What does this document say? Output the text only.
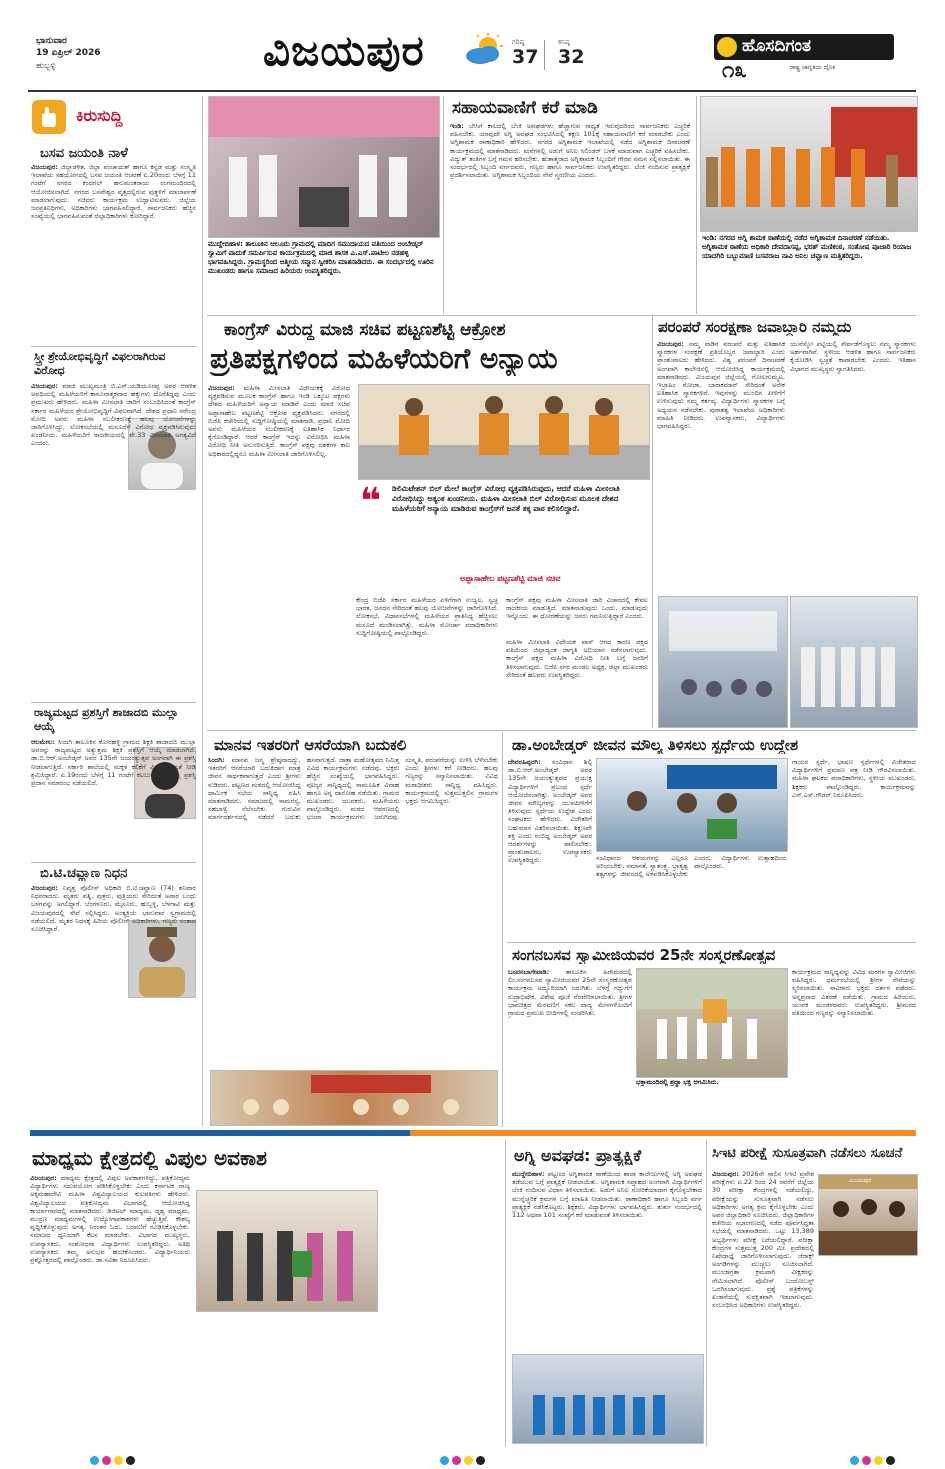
ಭಾನುವಾರ
19 ಏಪ್ರಿಲ್ 2026
ಹುಬ್ಬಳ್ಳಿ	ವಿಜಯಪುರ	ಗರಿಷ್ಠ
37
ಕನಿಷ್ಠ
32	ಹೊಸದಿಗಂತ
ರಾಷ್ಟ್ರ ಜಾಗೃತಿಯ ದೈನಿಕ
೧೩
ಕಿರುಸುದ್ದಿ
ಬಸವ ಜಯಂತಿ ನಾಳೆ
ವಿಜಯಪುರ: ಜಿಲ್ಲಾಡಳಿತ, ಜಿಲ್ಲಾ ಪಂಚಾಯತ್ ಹಾಗೂ ಕನ್ನಡ ಮತ್ತು ಸಂಸ್ಕೃತಿ ಇಲಾಖೆಯ ಸಹಯೋಗದಲ್ಲಿ ಬಸವ ಜಯಂತಿ ಆಚರಣೆ ಏ.20ರಂದು ಬೆಳಗ್ಗೆ 11 ಗಂಟೆಗೆ ನಗರದ ಕಂದಗಲ್ ಹನುಮಂತರಾಯ ರಂಗಮಂದಿರದಲ್ಲಿ ಆಯೋಜಿಸಲಾಗಿದೆ. ನಗರದ ಬಸವೇಶ್ವರ ವೃತ್ತದಲ್ಲಿರುವ ಪುತ್ಥಳಿಗೆ ಮಾಲಾರ್ಪಣೆ ಮಾಡಲಾಗುವುದು. ಸಚಿವರು ಕಾರ್ಯಕ್ರಮ ಉದ್ಘಾಟಿಸುವರು. ಜಿಲ್ಲೆಯ ಜನಪ್ರತಿನಿಧಿಗಳು, ಅಧಿಕಾರಿಗಳು ಭಾಗವಹಿಸಲಿದ್ದಾರೆ. ಸಾರ್ವಜನಿಕರು ಹೆಚ್ಚಿನ ಸಂಖ್ಯೆಯಲ್ಲಿ ಭಾಗವಹಿಸುವಂತೆ ಜಿಲ್ಲಾಧಿಕಾರಿಗಳು ಕೋರಿದ್ದಾರೆ.
ಸ್ತ್ರೀ ಶ್ರೇಯೋಭಿವೃದ್ಧಿಗೆ ವಿಫಲರಾಗಿರುವ ವಿರೋಧ
ವಿಜಯಪುರ: ಮಾಜಿ ಮುಖ್ಯಮಂತ್ರಿ ಬಿ.ಎಸ್.ಯಡಿಯೂರಪ್ಪ ಅವರ ಆಡಳಿತ ಅವಧಿಯಲ್ಲಿ ಮಹಿಳೆಯರಿಗೆ ಕಾನೂನಾತ್ಮಕವಾದ ಹಕ್ಕುಗಳು ದೊರೆತಿದ್ದವು ಎಂದು ಪ್ರಮುಖರು ಹೇಳಿದರು. ಮಹಿಳಾ ಮೀಸಲಾತಿ ಜಾರಿಗೆ ಸಂಬಂಧಿಸಿದಂತೆ ಕಾಂಗ್ರೆಸ್ ಸರ್ಕಾರ ಮಹಿಳೆಯರ ಶ್ರೇಯೋಭಿವೃದ್ಧಿಗೆ ವಿಫಲವಾಗಿದೆ. ದೇಶದ ಪ್ರಧಾನಿ ನರೇಂದ್ರ ಮೋದಿ ಅವರು ಮಹಿಳಾ ಸಬಲೀಕರಣಕ್ಕೆ ಹಲವು ಯೋಜನೆಗಳನ್ನು ಜಾರಿಗೊಳಿಸಿದ್ದು, ಲೋಕಸಭೆಯಲ್ಲಿ ಮಸೂದೆಗೆ ವಿರೋಧ ವ್ಯಕ್ತಪಡಿಸಿರುವುದು ಖಂಡನೀಯ. ಮಹಿಳೆಯರಿಗೆ ರಾಜಕೀಯದಲ್ಲಿ ಶೇ.33 ಮೀಸಲಾತಿ ಅಗತ್ಯವಿದೆ ಎಂದರು.
ರಾಜ್ಯಮಟ್ಟದ ಪ್ರಶಸ್ತಿಗೆ ಶಾಜಾದಬಿ ಮುಲ್ಲಾ ಆಯ್ಕೆ
ಆಲಮೇಲ: ಸಿಂದಗಿ ತಾಲೂಕಿನ ಕೋರಹಳ್ಳಿ ಗ್ರಾಮದ ಶಿಕ್ಷಕಿ ಶಾಜಾದಬಿ ಮುಲ್ಲಾ ಅವರನ್ನು ರಾಜ್ಯಮಟ್ಟದ ಅತ್ಯುತ್ತಮ ಶಿಕ್ಷಕಿ ಪ್ರಶಸ್ತಿಗೆ ಆಯ್ಕೆ ಮಾಡಲಾಗಿದೆ. ಡಾ.ಬಿ.ಆರ್.ಅಂಬೇಡ್ಕರ್ ಅವರ 135ನೇ ಜಯಂತ್ಯುತ್ಸವ ಅಂಗವಾಗಿ ಈ ಪ್ರಶಸ್ತಿ ನೀಡಲಾಗುತ್ತಿದೆ. ಸರ್ಕಾರಿ ಶಾಲೆಯಲ್ಲಿ ಮಕ್ಕಳ ಕಲಿಕೆಗೆ ವಿಶೇಷ ಆದ್ಯತೆ ನೀಡಿ ಶ್ರಮಿಸಿದ್ದಾರೆ. ಏ.19ರಂದು ಬೆಳಗ್ಗೆ 11 ಗಂಟೆಗೆ ಕಲಬುರಗಿ ನಗರದಲ್ಲಿ ಪ್ರಶಸ್ತಿ ಪ್ರದಾನ ಸಮಾರಂಭ ನಡೆಯಲಿದೆ.
ಬಿ.ಟಿ.ಚವ್ಹಾಣ ನಿಧನ
ವಿಜಯಪುರ: ನಿವೃತ್ತ ಪೊಲೀಸ್ ಅಧಿಕಾರಿ ಬಿ.ಟಿ.ಚವ್ಹಾಣ (74) ಶನಿವಾರ ನಿಧನರಾದರು. ಮೃತರು ಪತ್ನಿ, ಪುತ್ರರು, ಪುತ್ರಿಯರು ಸೇರಿದಂತೆ ಅಪಾರ ಬಂಧು ಬಳಗವನ್ನು ಅಗಲಿದ್ದಾರೆ. ಬೆಂಗಳೂರು, ಮೈಸೂರು, ಹುಬ್ಬಳ್ಳಿ, ಬೆಳಗಾವಿ ಮತ್ತು ವಿಜಯಪುರದಲ್ಲಿ ಸೇವೆ ಸಲ್ಲಿಸಿದ್ದರು. ಅಂತ್ಯಕ್ರಿಯೆ ಭಾನುವಾರ ಸ್ವಗ್ರಾಮದಲ್ಲಿ ನಡೆಯಲಿದೆ. ಮೃತರ ನಿಧನಕ್ಕೆ ಹಿರಿಯ ಪೊಲೀಸ್ ಅಧಿಕಾರಿಗಳು, ಗಣ್ಯರು ಸಂತಾಪ ಸೂಚಿಸಿದ್ದಾರೆ.
ಮುದ್ದೇಬಿಹಾಳ: ತಾಲೂಕಿನ ಆಲೂರು ಗ್ರಾಮದಲ್ಲಿ ಮಾದಿಗ ಸಮುದಾಯದ ವತಿಯಿಂದ ಅಂಬೇಡ್ಕರ್ ಸ್ವಾಮಿಗೆ ಪಾದುಕೆ ಸಮರ್ಪಿಸುವ ಕಾರ್ಯಕ್ರಮದಲ್ಲಿ ಮಾಜಿ ಶಾಸಕ ಎ.ಎಸ್.ಪಾಟೀಲ ನಡಹಳ್ಳಿ ಭಾಗವಹಿಸಿದ್ದರು. ಗ್ರಾಮಸ್ಥರಿಂದ ಆತ್ಮೀಯ ಸನ್ಮಾನ ಸ್ವೀಕರಿಸಿ ಮಾತನಾಡಿದರು. ಈ ಸಂದರ್ಭದಲ್ಲಿ ಊರಿನ ಮುಖಂಡರು ಹಾಗೂ ಸಮಾಜದ ಹಿರಿಯರು ಉಪಸ್ಥಿತರಿದ್ದರು.
ಸಹಾಯವಾಣಿಗೆ ಕರೆ ಮಾಡಿ
ಇಂಡಿ: ಬೇಸಿಗೆ ಕಾಲದಲ್ಲಿ ಬೆಂಕಿ ಅವಘಡಗಳು ಹೆಚ್ಚಾಗುವ ಸಾಧ್ಯತೆ ಇರುವುದರಿಂದ ಸಾರ್ವಜನಿಕರು ಎಚ್ಚರಿಕೆ ವಹಿಸಬೇಕು. ಯಾವುದೇ ಅಗ್ನಿ ಅವಘಡ ಸಂಭವಿಸಿದಲ್ಲಿ ತಕ್ಷಣ 101ಕ್ಕೆ ಸಹಾಯವಾಣಿಗೆ ಕರೆ ಮಾಡಬೇಕು ಎಂದು ಅಗ್ನಿಶಾಮಕ ಠಾಣಾಧಿಕಾರಿ ಹೇಳಿದರು. ನಗರದ ಅಗ್ನಿಶಾಮಕ ಇಲಾಖೆಯಲ್ಲಿ ನಡೆದ ಅಗ್ನಿಶಾಮಕ ದಿನಾಚರಣೆ ಕಾರ್ಯಕ್ರಮದಲ್ಲಿ ಮಾತನಾಡಿದರು. ಮನೆಗಳಲ್ಲಿ ಅಡುಗೆ ಅನಿಲ ಸಿಲಿಂಡರ್ ಬಳಕೆ ಮಾಡುವಾಗ ಎಚ್ಚರಿಕೆ ವಹಿಸಬೇಕು. ವಿದ್ಯುತ್ ತಂತಿಗಳ ಬಗ್ಗೆ ಗಮನ ಹರಿಸಬೇಕು. ಹುತಾತ್ಮರಾದ ಅಗ್ನಿಶಾಮಕ ಸಿಬ್ಬಂದಿಗೆ ಗೌರವ ನಮನ ಸಲ್ಲಿಸಲಾಯಿತು. ಈ ಸಂದರ್ಭದಲ್ಲಿ ಸಿಬ್ಬಂದಿ ವರ್ಗದವರು, ಗಣ್ಯರು ಹಾಗೂ ಸಾರ್ವಜನಿಕರು ಉಪಸ್ಥಿತರಿದ್ದರು. ಬೆಂಕಿ ನಂದಿಸುವ ಪ್ರಾತ್ಯಕ್ಷಿಕೆ ಪ್ರದರ್ಶಿಸಲಾಯಿತು. ಅಗ್ನಿಶಾಮಕ ಸಿಬ್ಬಂದಿಯ ಸೇವೆ ಸ್ಮರಣೀಯ ಎಂದರು.
ಇಂಡಿ: ನಗರದ ಅಗ್ನಿ ಶಾಮಕ ಠಾಣೆಯಲ್ಲಿ ನಡೆದ ಅಗ್ನಿಶಾಮಕ ದಿನಾಚರಣೆ ನಡೆಯಿತು. ಅಗ್ನಿಶಾಮಕ ಠಾಣೆಯ ಅಧಿಕಾರಿ ದೇವದಾಸಪ್ಪ, ಭರತ್ ಮಣಿಕಂಠ, ಸಂತೋಷ ಪೂಜಾರಿ ರಿಯಾಜ ಯಾದಗಿರಿ ಬಬ್ಬುಮಾಣಿ ಬಸವರಾಜ ನಾವಿ ಅನಿಲ ಚವ್ಹಾಣ ಮತ್ತಿತರಿದ್ದರು.
ಕಾಂಗ್ರೆಸ್ ವಿರುದ್ಧ ಮಾಜಿ ಸಚಿವ ಪಟ್ಟಣಶೆಟ್ಟಿ ಆಕ್ರೋಶ
ಪ್ರತಿಪಕ್ಷಗಳಿಂದ ಮಹಿಳೆಯರಿಗೆ ಅನ್ಯಾಯ
ವಿಜಯಪುರ: ಮಹಿಳಾ ಮೀಸಲಾತಿ ವಿಧೇಯಕಕ್ಕೆ ವಿರೋಧ ವ್ಯಕ್ತಪಡಿಸುವ ಮೂಲಕ ಕಾಂಗ್ರೆಸ್ ಹಾಗೂ ಇಂಡಿ ಒಕ್ಕೂಟ ಪಕ್ಷಗಳು ದೇಶದ ಮಹಿಳೆಯರಿಗೆ ಅನ್ಯಾಯ ಮಾಡಿವೆ ಎಂದು ಮಾಜಿ ಸಚಿವ ಅಪ್ಪಾಸಾಹೇಬ ಪಟ್ಟಣಶೆಟ್ಟಿ ಆಕ್ರೋಶ ವ್ಯಕ್ತಪಡಿಸಿದರು. ನಗರದಲ್ಲಿ ಬಿಜೆಪಿ ಕಚೇರಿಯಲ್ಲಿ ಸುದ್ದಿಗೋಷ್ಠಿಯಲ್ಲಿ ಮಾತನಾಡಿ, ಪ್ರಧಾನಿ ಮೋದಿ ಅವರು ಮಹಿಳೆಯರ ಸಬಲೀಕರಣಕ್ಕೆ ಐತಿಹಾಸಿಕ ನಿರ್ಧಾರ ಕೈಗೊಂಡಿದ್ದಾರೆ. ಆದರೆ ಕಾಂಗ್ರೆಸ್ ಇದನ್ನು ವಿರೋಧಿಸಿ ಮಹಿಳಾ ವಿರೋಧಿ ನೀತಿ ಅನುಸರಿಸುತ್ತಿದೆ. ಕಾಂಗ್ರೆಸ್ ಪಕ್ಷವು ದಶಕಗಳ ಕಾಲ ಅಧಿಕಾರದಲ್ಲಿದ್ದರೂ ಮಹಿಳಾ ಮೀಸಲಾತಿ ಜಾರಿಗೊಳಿಸಲಿಲ್ಲ.
❝ ಡಿಲಿಮಿಟೇಶನ್ ಬಿಲ್ ಮೇಲೆ ಕಾಂಗ್ರೆಸ್ ವಿರೋಧ ವ್ಯಕ್ತಪಡಿಸಿರುವುದು, ಆದರೆ ಮಹಿಳಾ ಮೀಸಲಾತಿ ವಿರೋಧಿಸಿದ್ದು ಅತ್ಯಂತ ಖಂಡನೀಯ. ಮಹಿಳಾ ಮೀಸಲಾತಿ ಬಿಲ್ ವಿರೋಧಿಸುವ ಮೂಲಕ ದೇಶದ ಮಹಿಳೆಯರಿಗೆ ಅನ್ಯಾಯ ಮಾಡಿರುವ ಕಾಂಗ್ರೆಸ್‌ಗೆ ಜನತೆ ತಕ್ಕ ಪಾಠ ಕಲಿಸಲಿದ್ದಾರೆ.
ಅಪ್ಪಾಸಾಹೇಬ ಪಟ್ಟಣಶೆಟ್ಟಿ ಮಾಜಿ ಸಚಿವ
ಕೇಂದ್ರ ಬಿಜೆಪಿ ಸರ್ಕಾರ ಮಹಿಳೆಯರ ಏಳಿಗೆಗಾಗಿ ಉಜ್ವಲ, ಸ್ವಚ್ಛ ಭಾರತ, ಜನಧನ ಸೇರಿದಂತೆ ಹಲವು ಯೋಜನೆಗಳನ್ನು ಜಾರಿಗೊಳಿಸಿದೆ. ಲೋಕಸಭೆ, ವಿಧಾನಸಭೆಗಳಲ್ಲಿ ಮಹಿಳೆಯರ ಪ್ರಾತಿನಿಧ್ಯ ಹೆಚ್ಚಿಸಲು ಮಸೂದೆ ಮಂಡಿಸಲಾಗಿತ್ತು. ಮಹಿಳಾ ಮೋರ್ಚಾ ಪದಾಧಿಕಾರಿಗಳು ಸುದ್ದಿಗೋಷ್ಠಿಯಲ್ಲಿ ಪಾಲ್ಗೊಂಡಿದ್ದರು.
ಕಾಂಗ್ರೆಸ್ ಪಕ್ಷವು ಮಹಿಳಾ ಮೀಸಲಾತಿ ಜಾರಿ ವಿಚಾರದಲ್ಲಿ ಕೇವಲ ರಾಜಕೀಯ ಮಾಡುತ್ತಿದೆ. ಮಾತನಾಡುವುದು ಒಂದು, ಮಾಡುವುದು ಇನ್ನೊಂದು. ಈ ಧೋರಣೆಯನ್ನು ಜನರು ಗಮನಿಸುತ್ತಿದ್ದಾರೆ ಎಂದರು.
ಮಹಿಳಾ ಮೀಸಲಾತಿ ವಿಧೇಯಕ ಪಾಸ್ ಆಗದ ಕಾರಣ ಪಕ್ಷದ ವತಿಯಿಂದ ಜಿಲ್ಲಾದ್ಯಂತ ಜಾಗೃತಿ ಅಭಿಯಾನ ನಡೆಸಲಾಗುವುದು. ಕಾಂಗ್ರೆಸ್ ಪಕ್ಷದ ಮಹಿಳಾ ವಿರೋಧಿ ನೀತಿ ಬಗ್ಗೆ ಜನರಿಗೆ ತಿಳಿಸಲಾಗುವುದು. ಬಿಜೆಪಿ ನಗರ ಮಂಡಲ ಅಧ್ಯಕ್ಷ, ಜಿಲ್ಲಾ ಮುಖಂಡರು ಸೇರಿದಂತೆ ಹಲವರು ಉಪಸ್ಥಿತರಿದ್ದರು.
ಪರಂಪರೆ ಸಂರಕ್ಷಣಾ ಜವಾಬ್ದಾರಿ ನಮ್ಮದು
ವಿಜಯಪುರ: ನಮ್ಮ ನಾಡಿನ ಪರಂಪರೆ ಮತ್ತು ಐತಿಹಾಸಿಕ ಸ್ಮಾರಕಗಳ ಸಂರಕ್ಷಣೆ ಪ್ರತಿಯೊಬ್ಬರ ಜವಾಬ್ದಾರಿ ಎಂದು ಪ್ರಾಂಶುಪಾಲರು ಹೇಳಿದರು. ವಿಶ್ವ ಪರಂಪರೆ ದಿನಾಚರಣೆ ಅಂಗವಾಗಿ ಕಾಲೇಜಿನಲ್ಲಿ ಆಯೋಜಿಸಿದ್ದ ಕಾರ್ಯಕ್ರಮದಲ್ಲಿ ಮಾತನಾಡಿದರು. ವಿಜಯಪುರ ಜಿಲ್ಲೆಯಲ್ಲಿ ಗೋಲಗುಮ್ಮಟ, ಇಬ್ರಾಹಿಂ ರೋಜಾ, ಬಾರಾಕಮಾನ್ ಸೇರಿದಂತೆ ಅನೇಕ ಐತಿಹಾಸಿಕ ಸ್ಮಾರಕಗಳಿವೆ. ಇವುಗಳನ್ನು ಮುಂದಿನ ಪೀಳಿಗೆಗೆ ಉಳಿಸುವುದು ನಮ್ಮ ಕರ್ತವ್ಯ. ವಿದ್ಯಾರ್ಥಿಗಳು ಸ್ಮಾರಕಗಳ ಬಗ್ಗೆ ಅಧ್ಯಯನ ನಡೆಸಬೇಕು. ಪುರಾತತ್ವ ಇಲಾಖೆಯ ಅಧಿಕಾರಿಗಳು ಮಾಹಿತಿ ನೀಡಿದರು. ಉಪನ್ಯಾಸಕರು, ವಿದ್ಯಾರ್ಥಿಗಳು ಭಾಗವಹಿಸಿದ್ದರು.
ಯುನೆಸ್ಕೋ ಪಟ್ಟಿಯಲ್ಲಿ ಸೇರ್ಪಡೆಗೊಳ್ಳಲು ನಮ್ಮ ಸ್ಮಾರಕಗಳು ಅರ್ಹವಾಗಿವೆ. ಸ್ಥಳೀಯ ಆಡಳಿತ ಹಾಗೂ ಸಾರ್ವಜನಿಕರು ಕೈಜೋಡಿಸಿ ಸ್ವಚ್ಛತೆ ಕಾಪಾಡಬೇಕು ಎಂದರು. ಇತಿಹಾಸ ವಿಭಾಗದ ಮುಖ್ಯಸ್ಥರು ಸ್ವಾಗತಿಸಿದರು.
ಮಾನವ ಇತರರಿಗೆ ಆಸರೆಯಾಗಿ ಬದುಕಲಿ
ಸಿಂದಗಿ: ಮಾನವ ಜನ್ಮ ಶ್ರೇಷ್ಠವಾದದ್ದು, ಇತರರಿಗೆ ಆಸರೆಯಾಗಿ ಬದುಕಿದಾಗ ಮಾತ್ರ ಜೀವನ ಸಾರ್ಥಕವಾಗುತ್ತದೆ ಎಂದು ಶ್ರೀಗಳು ನುಡಿದರು. ಪಟ್ಟಣದ ಮಠದಲ್ಲಿ ಆಯೋಜಿಸಿದ್ದ ಧಾರ್ಮಿಕ ಸಭೆಯ ಸಾನ್ನಿಧ್ಯ ವಹಿಸಿ ಮಾತನಾಡಿದರು. ಸಮಾಜದಲ್ಲಿ ಸಾಮರಸ್ಯ, ಸಹಬಾಳ್ವೆ ನೆಲೆಸಬೇಕು. ಗುರುವಿನ ಮಾರ್ಗದರ್ಶನದಲ್ಲಿ ನಡೆದರೆ ಬದುಕು ಹಸನಾಗುತ್ತದೆ. ಜಾತ್ರಾ ಮಹೋತ್ಸವದ ನಿಮಿತ್ತ ವಿವಿಧ ಕಾರ್ಯಕ್ರಮಗಳು ನಡೆದವು. ಭಕ್ತರು ಹೆಚ್ಚಿನ ಸಂಖ್ಯೆಯಲ್ಲಿ ಭಾಗವಹಿಸಿದ್ದರು. ಪೂಜ್ಯರ ಸಾನ್ನಿಧ್ಯದಲ್ಲಿ ಸಾಮೂಹಿಕ ವಿವಾಹ ಹಾಗೂ ಅನ್ನ ದಾಸೋಹ ನಡೆಯಿತು. ಗ್ರಾಮದ ಮುಖಂಡರು, ಯುವಕರು, ಮಹಿಳೆಯರು ಪಾಲ್ಗೊಂಡಿದ್ದರು. ಮಠದ ಆವರಣದಲ್ಲಿ ಭಜನಾ ಕಾರ್ಯಕ್ರಮಗಳು ಜರುಗಿದವು. ಸಂಸ್ಕೃತಿ, ಪರಂಪರೆಯನ್ನು ಉಳಿಸಿ ಬೆಳೆಸಬೇಕು ಎಂದು ಶ್ರೀಗಳು ಕರೆ ನೀಡಿದರು. ಹಲವು ಗಣ್ಯರನ್ನು ಸನ್ಮಾನಿಸಲಾಯಿತು. ವಿವಿಧ ಮಠಾಧೀಶರು ಸಾನ್ನಿಧ್ಯ ವಹಿಸಿದ್ದರು. ಕಾರ್ಯಕ್ರಮದಲ್ಲಿ ಸುತ್ತಮುತ್ತಲಿನ ಗ್ರಾಮಗಳ ಭಕ್ತರು ಆಗಮಿಸಿದ್ದರು.
ಡಾ.ಅಂಬೇಡ್ಕರ್ ಜೀವನ ಮೌಲ್ಯ ತಿಳಿಸಲು ಸ್ಪರ್ಧೆಯ ಉದ್ದೇಶ
ದೇವರಹಿಪ್ಪರಗಿ: ಸಂವಿಧಾನ ಶಿಲ್ಪಿ ಡಾ.ಬಿ.ಆರ್.ಅಂಬೇಡ್ಕರ್ ಅವರ 135ನೇ ಜಯಂತ್ಯುತ್ಸವದ ಪ್ರಯುಕ್ತ ವಿದ್ಯಾರ್ಥಿಗಳಿಗೆ ಪ್ರಬಂಧ ಸ್ಪರ್ಧೆ ಆಯೋಜಿಸಲಾಗಿತ್ತು. ಅಂಬೇಡ್ಕರ್ ಅವರ ಜೀವನ ಮೌಲ್ಯಗಳನ್ನು ಯುವಪೀಳಿಗೆಗೆ ತಿಳಿಸುವುದು ಸ್ಪರ್ಧೆಯ ಉದ್ದೇಶ ಎಂದು ಸಂಘಟಕರು ಹೇಳಿದರು. ವಿಜೇತರಿಗೆ ಬಹುಮಾನ ವಿತರಿಸಲಾಯಿತು. ಶಿಕ್ಷಣವೇ ಶಕ್ತಿ ಎಂದು ನಂಬಿದ್ದ ಅಂಬೇಡ್ಕರ್ ಅವರ ಆದರ್ಶಗಳನ್ನು ಪಾಲಿಸಬೇಕು. ಪ್ರಾಂಶುಪಾಲರು, ಉಪನ್ಯಾಸಕರು ಉಪಸ್ಥಿತರಿದ್ದರು.	ಸಂವಿಧಾನದ ಆಶಯಗಳನ್ನು ಎಲ್ಲರೂ ಅರಿಯಬೇಕು. ಸಮಾನತೆ, ಸ್ವಾತಂತ್ರ್ಯ, ಭ್ರಾತೃತ್ವ ತತ್ವಗಳನ್ನು ಜೀವನದಲ್ಲಿ ಅಳವಡಿಸಿಕೊಳ್ಳಬೇಕು ಎಂದರು. ವಿದ್ಯಾರ್ಥಿಗಳು ಉತ್ಸಾಹದಿಂದ ಪಾಲ್ಗೊಂಡರು.
ಗಾಯನ ಸ್ಪರ್ಧೆ, ಭಾಷಣ ಸ್ಪರ್ಧೆಗಳಲ್ಲಿ ವಿಜೇತರಾದ ವಿದ್ಯಾರ್ಥಿಗಳಿಗೆ ಪ್ರಮಾಣ ಪತ್ರ ನೀಡಿ ಗೌರವಿಸಲಾಯಿತು. ಮಹಿಳಾ ಘಟಕದ ಪದಾಧಿಕಾರಿಗಳು, ಸ್ಥಳೀಯ ಮುಖಂಡರು, ಶಿಕ್ಷಕರು ಪಾಲ್ಗೊಂಡಿದ್ದರು. ಕಾರ್ಯಕ್ರಮವನ್ನು ಎಸ್.ಎಸ್.ಗೌಡರ್ ನಿರೂಪಿಸಿದರು.
ಸಂಗನಬಸವ ಸ್ವಾಮೀಜಿಯವರ 25ನೇ ಸಂಸ್ಮರಣೋತ್ಸವ
ಬಸವನಬಾಗೇವಾಡಿ:	ತಾಲೂಕಿನ ಹಿರೇಮಠದಲ್ಲಿ ಲಿಂ.ಸಂಗನಬಸವ ಸ್ವಾಮೀಜಿಯವರ 25ನೇ ಸಂಸ್ಮರಣೋತ್ಸವ ಕಾರ್ಯಕ್ರಮ ಅದ್ದೂರಿಯಾಗಿ ಜರುಗಿತು. ಬೆಳಗ್ಗೆ ಗದ್ದುಗೆಗೆ ರುದ್ರಾಭಿಷೇಕ, ವಿಶೇಷ ಪೂಜೆ ನೆರವೇರಿಸಲಾಯಿತು. ಶ್ರೀಗಳ ಭಾವಚಿತ್ರದ ಮೆರವಣಿಗೆ ಸಕಲ ವಾದ್ಯ ಮೇಳಗಳೊಂದಿಗೆ ಗ್ರಾಮದ ಪ್ರಮುಖ ಬೀದಿಗಳಲ್ಲಿ ಸಂಚರಿಸಿತು.
ಭಕ್ತಾಮಂದಿರಲ್ಲಿ ಶ್ರದ್ಧಾ ಭಕ್ತಿ ಆಗಮಿಸಿರು.
ಕಾರ್ಯಕ್ರಮದ ಸಾನ್ನಿಧ್ಯವನ್ನು ವಿವಿಧ ಮಠಗಳ ಸ್ವಾಮೀಜಿಗಳು ವಹಿಸಿದ್ದರು. ಧರ್ಮಸಭೆಯಲ್ಲಿ ಶ್ರೀಗಳ ಸೇವೆಯನ್ನು ಸ್ಮರಿಸಲಾಯಿತು. ಸಾವಿರಾರು ಭಕ್ತರು ದರ್ಶನ ಪಡೆದರು. ಅನ್ನಪ್ರಸಾದ ವಿತರಣೆ ನಡೆಯಿತು. ಗ್ರಾಮದ ಹಿರಿಯರು, ಯುವಕ ಮಂಡಳದವರು ಉಪಸ್ಥಿತರಿದ್ದರು. ಶ್ರೀಮಠದ ವತಿಯಿಂದ ಗಣ್ಯರನ್ನು ಸನ್ಮಾನಿಸಲಾಯಿತು.
ಮಾಧ್ಯಮ ಕ್ಷೇತ್ರದಲ್ಲಿ ವಿಪುಲ ಅವಕಾಶ
ವಿಜಯಪುರ: ಮಾಧ್ಯಮ ಕ್ಷೇತ್ರದಲ್ಲಿ ವಿಪುಲ ಅವಕಾಶಗಳಿದ್ದು, ಪತ್ರಿಕೋದ್ಯಮ ವಿದ್ಯಾರ್ಥಿಗಳು ಸದುಪಯೋಗ ಪಡಿಸಿಕೊಳ್ಳಬೇಕು ಎಂದು ಕರ್ನಾಟಕ ರಾಜ್ಯ ಅಕ್ಕಮಹಾದೇವಿ ಮಹಿಳಾ ವಿಶ್ವವಿದ್ಯಾಲಯದ ಕುಲಪತಿಗಳು ಹೇಳಿದರು. ವಿಶ್ವವಿದ್ಯಾಲಯದ ಪತ್ರಿಕೋದ್ಯಮ ವಿಭಾಗದಲ್ಲಿ ಆಯೋಜಿಸಿದ್ದ ಕಾರ್ಯಾಗಾರದಲ್ಲಿ ಮಾತನಾಡಿದರು. ಡಿಜಿಟಲ್ ಮಾಧ್ಯಮ, ದೃಶ್ಯ ಮಾಧ್ಯಮ, ಮುದ್ರಣ ಮಾಧ್ಯಮಗಳಲ್ಲಿ ಉದ್ಯೋಗಾವಕಾಶಗಳು ಹೆಚ್ಚುತ್ತಿವೆ. ಕೌಶಲ್ಯ ವೃದ್ಧಿಸಿಕೊಳ್ಳುವುದು ಅಗತ್ಯ. ನಿರಂತರ ಓದು, ಬರವಣಿಗೆ ರೂಢಿಸಿಕೊಳ್ಳಬೇಕು. ಸಮಾಜದ ಧ್ವನಿಯಾಗಿ ಕೆಲಸ ಮಾಡಬೇಕು. ವಿಭಾಗದ ಮುಖ್ಯಸ್ಥರು, ಉಪನ್ಯಾಸಕರು, ಸಂಶೋಧನಾ ವಿದ್ಯಾರ್ಥಿಗಳು ಉಪಸ್ಥಿತರಿದ್ದರು. ಅತಿಥಿ ಉಪನ್ಯಾಸಕರು ತಮ್ಮ ಅನುಭವ ಹಂಚಿಕೊಂಡರು. ವಿದ್ಯಾರ್ಥಿನಿಯರು ಪ್ರಶ್ನೋತ್ತರದಲ್ಲಿ ಪಾಲ್ಗೊಂಡರು. ಡಾ.ಸವಿತಾ ನಿರೂಪಿಸಿದರು.
ಅಗ್ನಿ ಅವಘಡ: ಪ್ರಾತ್ಯಕ್ಷಿಕೆ
ಮುದ್ದೇಬಿಹಾಳ: ಪಟ್ಟಣದ ಅಗ್ನಿಶಾಮಕ ಠಾಣೆಯಿಂದ ಶಾಲಾ ಕಾಲೇಜುಗಳಲ್ಲಿ ಅಗ್ನಿ ಅವಘಡ ತಡೆಯುವ ಬಗ್ಗೆ ಪ್ರಾತ್ಯಕ್ಷಿಕೆ ನೀಡಲಾಯಿತು. ಅಗ್ನಿಶಾಮಕ ಸಪ್ತಾಹದ ಅಂಗವಾಗಿ ವಿದ್ಯಾರ್ಥಿಗಳಿಗೆ ಬೆಂಕಿ ನಂದಿಸುವ ವಿಧಾನ ತಿಳಿಸಲಾಯಿತು. ಅಡುಗೆ ಅನಿಲ ಸೋರಿಕೆಯಾದಾಗ ಕೈಗೊಳ್ಳಬೇಕಾದ ಮುನ್ನೆಚ್ಚರಿಕೆ ಕ್ರಮಗಳ ಬಗ್ಗೆ ಮಾಹಿತಿ ನೀಡಲಾಯಿತು. ಠಾಣಾಧಿಕಾರಿ ಹಾಗೂ ಸಿಬ್ಬಂದಿ ವರ್ಗ ಪ್ರಾತ್ಯಕ್ಷಿಕೆ ನಡೆಸಿಕೊಟ್ಟರು. ಶಿಕ್ಷಕರು, ವಿದ್ಯಾರ್ಥಿಗಳು ಭಾಗವಹಿಸಿದ್ದರು. ತುರ್ತು ಸಂದರ್ಭದಲ್ಲಿ 112 ಅಥವಾ 101 ಸಂಖ್ಯೆಗೆ ಕರೆ ಮಾಡುವಂತೆ ತಿಳಿಸಲಾಯಿತು.
ಸಿಇಟಿ ಪರೀಕ್ಷೆ ಸುಸೂತ್ರವಾಗಿ ನಡೆಸಲು ಸೂಚನೆ
ವಿಜಯಪುರ: 2026ನೇ ಸಾಲಿನ ಸಿಇಟಿ ಪ್ರವೇಶ ಪರೀಕ್ಷೆಗಳು ಏ.22 ರಿಂದ 24 ರವರೆಗೆ ಜಿಲ್ಲೆಯ 30 ಪರೀಕ್ಷಾ ಕೇಂದ್ರಗಳಲ್ಲಿ ನಡೆಯಲಿದ್ದು, ಪರೀಕ್ಷೆಯನ್ನು ಸುಸೂತ್ರವಾಗಿ ನಡೆಸಲು ಅಧಿಕಾರಿಗಳು ಅಗತ್ಯ ಕ್ರಮ ಕೈಗೊಳ್ಳಬೇಕು ಎಂದು ಅಪರ ಜಿಲ್ಲಾಧಿಕಾರಿ ಸೂಚಿಸಿದರು. ಜಿಲ್ಲಾಧಿಕಾರಿಗಳ ಕಚೇರಿಯ ಸಭಾಂಗಣದಲ್ಲಿ ನಡೆದ ಪೂರ್ವಸಿದ್ಧತಾ ಸಭೆಯಲ್ಲಿ ಮಾತನಾಡಿದರು. ಒಟ್ಟು 13,389 ಅಭ್ಯರ್ಥಿಗಳು ಪರೀಕ್ಷೆ ಬರೆಯಲಿದ್ದಾರೆ. ಪರೀಕ್ಷಾ ಕೇಂದ್ರಗಳ ಸುತ್ತಮುತ್ತ 200 ಮೀ. ಪ್ರದೇಶದಲ್ಲಿ ನಿಷೇಧಾಜ್ಞೆ ಜಾರಿಗೊಳಿಸಲಾಗುವುದು. ಜೆರಾಕ್ಸ್ ಅಂಗಡಿಗಳನ್ನು ಮುಚ್ಚಲು ಸೂಚಿಸಲಾಗಿದೆ. ಮುಂಜಾಗ್ರತಾ ಕ್ರಮವಾಗಿ ವೀಕ್ಷಕರನ್ನು ನೇಮಿಸಲಾಗಿದೆ. ಪೊಲೀಸ್ ಬಂದೋಬಸ್ತ್ ಒದಗಿಸಲಾಗುವುದು. ಪ್ರಶ್ನೆ ಪತ್ರಿಕೆಗಳನ್ನು ಖಜಾನೆಯಲ್ಲಿ ಸುರಕ್ಷಿತವಾಗಿ ಇಡಲಾಗುವುದು. ಸಂಬಂಧಿಸಿದ ಅಧಿಕಾರಿಗಳು ಉಪಸ್ಥಿತರಿದ್ದರು.
ವಿಜಯಪುರ
